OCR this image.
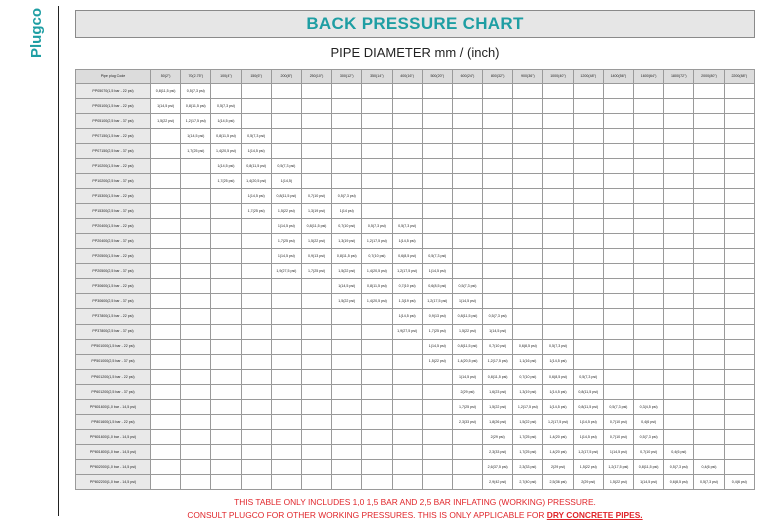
Plugco	BACK PRESSURE CHART
PIPE DIAMETER mm / (inch)
Pipe plug Code	50(2")	70(2.75")	100(4")	150(6")	200(8")	250(10")	300(12")	350(14")	400(16")	500(20")	600(24")	800(32")	900(36")	1000(40")	1200(48")	1400(56")	1600(64")	1800(72")	2000(80")	2200(88")
PP05070(1,5 bar - 22 psi)	0,8(11,5 psi)	0,5(7,3 psi)																		
PP05100(1,5 bar - 22 psi)	1(14,5 psi)	0,8(11,5 psi)	0,5(7,3 psi)																	
PP05100(2,5 bar - 37 psi)	1,5(22 psi)	1,2(17,5 psi)	1(14,5 psi)																	
PP07150(1,5 bar - 22 psi)		1(14,5 psi)	0,8(11,5 psi)	0,5(7,3 psi)																
PP07150(2,5 bar - 37 psi)		1,7(25 psi)	1,4(20,5 psi)	1(14,5 psi)																
PP10200(1,5 bar - 22 psi)			1(14,5 psi)	0,8(11,5 psi)	0,5(7,3 psi)															
PP10200(2,5 bar - 37 psi)			1,7(25 psi)	1,4(20,5 psi)	1(14,5)															
PP15300(1,5 bar - 22 psi)				1(14,5 psi)	0,8(11,5 psi)	0,7(10 psi)	0,5(7,3 psi)													
PP15300(2,5 bar - 37 psi)				1,7(25 psi)	1,5(22 psi)	1,3(19 psi)	1(14 psi)													
PP20400(1,5 bar - 22 psi)					1(14,5 psi)	0,8(11,5 psi)	0,7(10 psi)	0,5(7,3 psi)	0,5(7,3 psi)											
PP20400(2,5 bar - 37 psi)					1,7(25 psi)	1,5(22 psi)	1,3(19 psi)	1,2(17,5 psi)	1(14,5 psi)											
PP20500(1,5 bar - 22 psi)					1(14,5 psi)	0,9(13 psi)	0,8(11,5 psi)	0,7(10 psi)	0,6(8,5 psi)	0,5(7,3 psi)										
PP20500(2,5 bar - 37 psi)					1,9(27,5 psi)	1,7(25 psi)	1,5(22 psi)	1,4(20,5 psi)	1,2(17,5 psi)	1(14,5 psi)										
PP30600(1,5 bar - 22 psi)							1(14,5 psi)	0,8(11,5 psi)	0,7(10 psi)	0,6(8,5 psi)	0,5(7,3 psi)									
PP30600(2,5 bar - 37 psi)							1,5(22 psi)	1,4(20,5 psi)	1,3(19 psi)	1,2(17,5 psi)	1(14,5 psi)									
PP37800(1,5 bar - 22 psi)									1(14,5 psi)	0,9(13 psi)	0,8(11,5 psi)	0,5(7,3 psi)								
PP37800(2,5 bar - 37 psi)									1,9(27,5 psi)	1,7(25 psi)	1,5(22 psi)	1(14,5 psi)								
PP501000(1,5 bar - 22 psi)										1(14,5 psi)	0,8(11,5 psi)	0,7(10 psi)	0,6(8,5 psi)	0,5(7,3 psi)						
PP501000(2,5 bar - 37 psi)										1,5(22 psi)	1,4(20,5 psi)	1,2(17,5 psi)	1,1(16 psi)	1(14,5 psi)						
PP601200(1,5 bar - 22 psi)											1(14,5 psi)	0,8(11,5 psi)	0,7(10 psi)	0,6(8,5 psi)	0,5(7,3 psi)					
PP601200(2,5 bar - 37 psi)											2(29 psi)	1,6(23 psi)	1,3(19 psi)	1(14,5 psi)	0,8(11,5 psi)					
PP801600(1,0 bar - 14,5 psi)											1,7(25 psi)	1,5(22 psi)	1,2(17,5 psi)	1(14,5 psi)	0,8(11,5 psi)	0,5(7,3 psi)	0,3(4,5 psi)			
PP801600(1,5 bar - 22 psi)											2,3(33 psi)	1,8(26 psi)	1,5(22 psi)	1,2(17,5 psi)	1(14,5 psi)	0,7(10 psi)	0,4(6 psi)			
PP801600(1,0 bar - 14,5 psi)												2(29 psi)	1,7(25 psi)	1,4(20 psi)	1(14,5 psi)	0,7(10 psi)	0,5(7,3 psi)			
PP801800(1,0 bar - 14,5 psi)												2,3(33 psi)	1,7(25 psi)	1,4(20 psi)	1,2(17,5 psi)	1(14,5 psi)	0,7(10 psi)	0,4(6 psi)		
PP802000(1,0 bar - 14,5 psi)												2,6(37,5 psi)	2,3(33 psi)	2(29 psi)	1,5(22 psi)	1,2(17,5 psi)	0,8(11,5 psi)	0,5(7,3 psi)	0,4(6 psi)	
PP802200(1,0 bar - 14,5 psi)												2,9(42 psi)	2,7(40 psi)	2,5(36 psi)	2(29 psi)	1,5(22 psi)	1(14,5 psi)	0,6(8,5 psi)	0,5(7,3 psi)	0,4(6 psi)
THIS TABLE ONLY INCLUDES 1,0 1,5 BAR AND 2,5 BAR INFLATING (WORKING) PRESSURE.
CONSULT PLUGCO FOR OTHER WORKING PRESSURES. THIS IS ONLY APPLICABLE FOR DRY CONCRETE PIPES.
